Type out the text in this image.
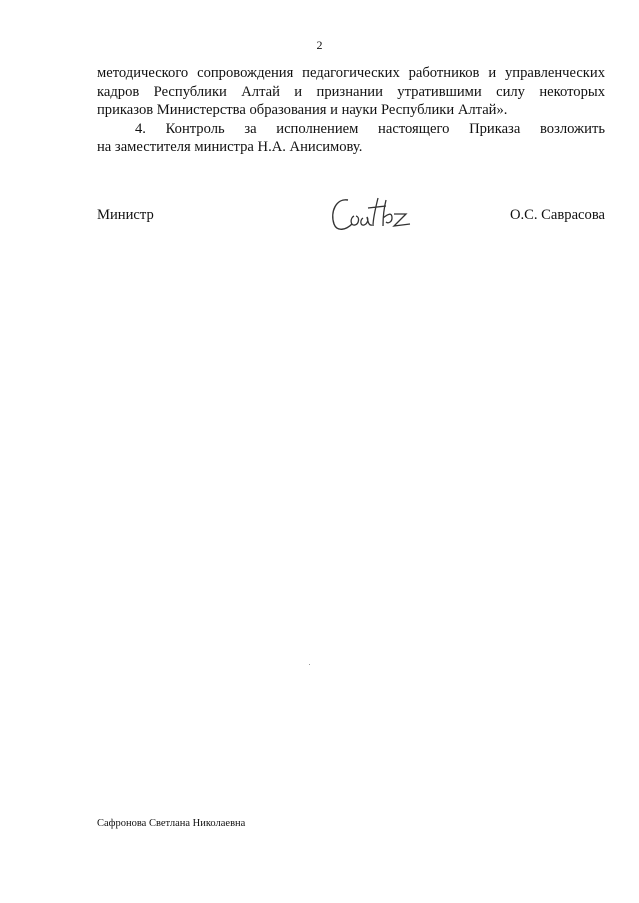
2

методического сопровождения педагогических работников и управленческих

кадров Республики Алтай и признании утратившими силу некоторых

приказов Министерства образования и науки Республики Алтай».

4. Контроль за исполнением настоящего Приказа возложить

на заместителя министра Н.А. Анисимову.

Министр	О.С. Саврасова
Сафронова Светлана Николаевна
